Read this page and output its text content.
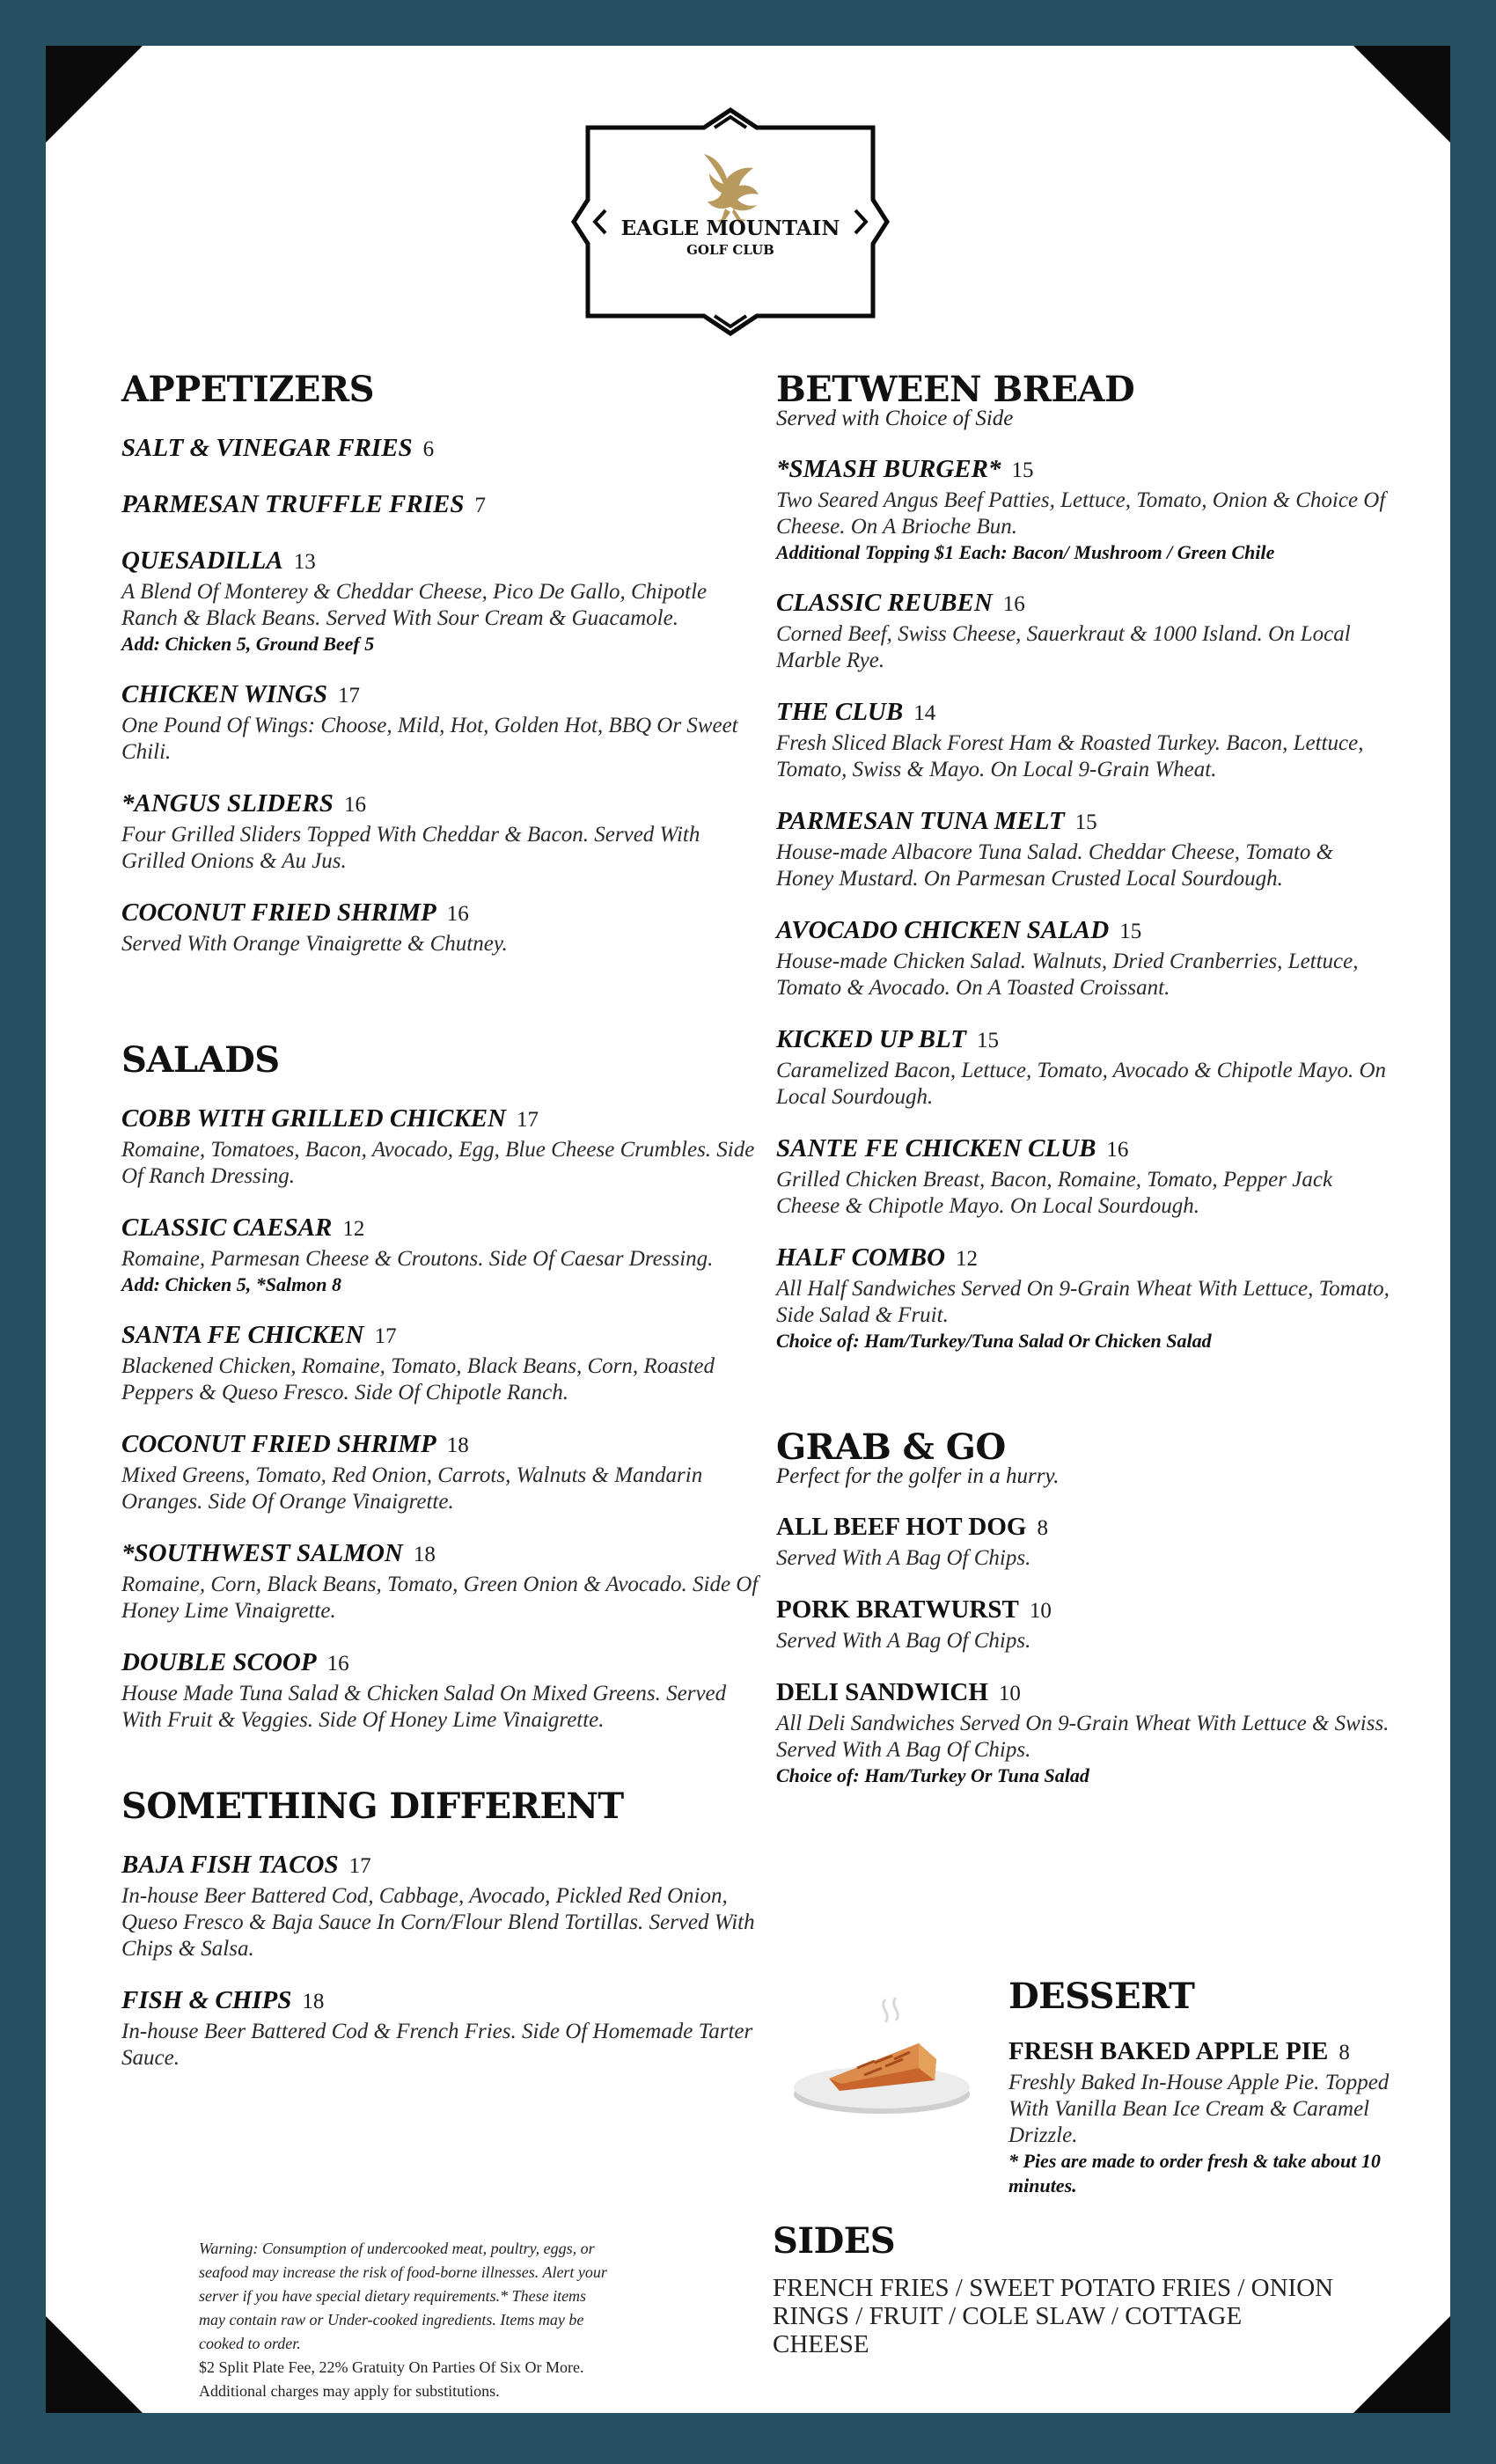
EAGLE MOUNTAIN
GOLF CLUB
APPETIZERS
SALT & VINEGAR FRIES 6
PARMESAN TRUFFLE FRIES 7
QUESADILLA 13
A Blend Of Monterey & Cheddar Cheese, Pico De Gallo, Chipotle Ranch & Black Beans. Served With Sour Cream & Guacamole.
Add: Chicken 5, Ground Beef 5
CHICKEN WINGS 17
One Pound Of Wings: Choose, Mild, Hot, Golden Hot, BBQ Or Sweet Chili.
*ANGUS SLIDERS 16
Four Grilled Sliders Topped With Cheddar & Bacon. Served With Grilled Onions & Au Jus.
COCONUT FRIED SHRIMP 16
Served With Orange Vinaigrette & Chutney.
SALADS
COBB WITH GRILLED CHICKEN 17
Romaine, Tomatoes, Bacon, Avocado, Egg, Blue Cheese Crumbles. Side Of Ranch Dressing.
CLASSIC CAESAR 12
Romaine, Parmesan Cheese & Croutons. Side Of Caesar Dressing.
Add: Chicken 5, *Salmon 8
SANTA FE CHICKEN 17
Blackened Chicken, Romaine, Tomato, Black Beans, Corn, Roasted Peppers & Queso Fresco. Side Of Chipotle Ranch.
COCONUT FRIED SHRIMP 18
Mixed Greens, Tomato, Red Onion, Carrots, Walnuts & Mandarin Oranges. Side Of Orange Vinaigrette.
*SOUTHWEST SALMON 18
Romaine, Corn, Black Beans, Tomato, Green Onion & Avocado. Side Of Honey Lime Vinaigrette.
DOUBLE SCOOP 16
House Made Tuna Salad & Chicken Salad On Mixed Greens. Served With Fruit & Veggies. Side Of Honey Lime Vinaigrette.
SOMETHING DIFFERENT
BAJA FISH TACOS 17
In-house Beer Battered Cod, Cabbage, Avocado, Pickled Red Onion, Queso Fresco & Baja Sauce In Corn/Flour Blend Tortillas. Served With Chips & Salsa.
FISH & CHIPS 18
In-house Beer Battered Cod & French Fries. Side Of Homemade Tarter Sauce.
BETWEEN BREAD
Served with Choice of Side
*SMASH BURGER* 15
Two Seared Angus Beef Patties, Lettuce, Tomato, Onion & Choice Of Cheese. On A Brioche Bun.
Additional Topping $1 Each: Bacon/ Mushroom / Green Chile
CLASSIC REUBEN 16
Corned Beef, Swiss Cheese, Sauerkraut & 1000 Island. On Local Marble Rye.
THE CLUB 14
Fresh Sliced Black Forest Ham & Roasted Turkey. Bacon, Lettuce, Tomato, Swiss & Mayo. On Local 9-Grain Wheat.
PARMESAN TUNA MELT 15
House-made Albacore Tuna Salad. Cheddar Cheese, Tomato & Honey Mustard. On Parmesan Crusted Local Sourdough.
AVOCADO CHICKEN SALAD 15
House-made Chicken Salad. Walnuts, Dried Cranberries, Lettuce, Tomato & Avocado. On A Toasted Croissant.
KICKED UP BLT 15
Caramelized Bacon, Lettuce, Tomato, Avocado & Chipotle Mayo. On Local Sourdough.
SANTE FE CHICKEN CLUB 16
Grilled Chicken Breast, Bacon, Romaine, Tomato, Pepper Jack Cheese & Chipotle Mayo. On Local Sourdough.
HALF COMBO 12
All Half Sandwiches Served On 9-Grain Wheat With Lettuce, Tomato, Side Salad & Fruit.
Choice of: Ham/Turkey/Tuna Salad Or Chicken Salad
GRAB & GO
Perfect for the golfer in a hurry.
ALL BEEF HOT DOG 8
Served With A Bag Of Chips.
PORK BRATWURST 10
Served With A Bag Of Chips.
DELI SANDWICH 10
All Deli Sandwiches Served On 9-Grain Wheat With Lettuce & Swiss. Served With A Bag Of Chips.
Choice of: Ham/Turkey Or Tuna Salad
DESSERT
FRESH BAKED APPLE PIE 8
Freshly Baked In-House Apple Pie. Topped With Vanilla Bean Ice Cream & Caramel Drizzle.
* Pies are made to order fresh & take about 10 minutes.
SIDES
FRENCH FRIES / SWEET POTATO FRIES / ONION RINGS / FRUIT / COLE SLAW / COTTAGE CHEESE
Warning: Consumption of undercooked meat, poultry, eggs, or seafood may increase the risk of food-borne illnesses. Alert your server if you have special dietary requirements.* These items may contain raw or Under-cooked ingredients. Items may be cooked to order.
$2 Split Plate Fee, 22% Gratuity On Parties Of Six Or More. Additional charges may apply for substitutions.
